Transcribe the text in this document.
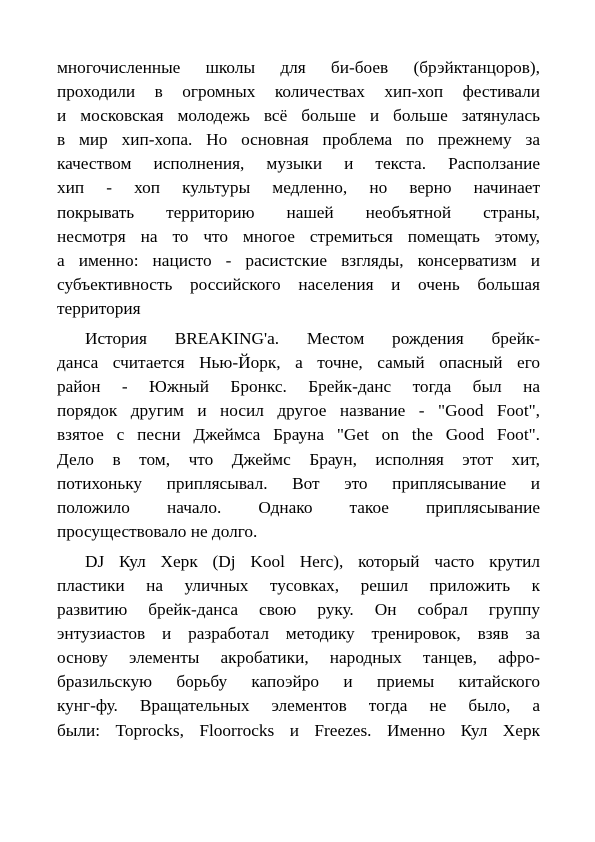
многочисленные школы для би-боев (брэйктанцоров),
проходили в огромных количествах хип-хоп фестивали
и московская молодежь всё больше и больше затянулась
в мир хип-хопа. Но основная проблема по прежнему за
качеством исполнения, музыки и текста. Расползание
хип - хоп культуры медленно, но верно начинает
покрывать территорию нашей необъятной страны,
несмотря на то что многое стремиться помещать этому,
а именно: нацисто - расистские взгляды, консерватизм и
субъективность российского населения и очень большая
территория

История BREAKING'a. Местом рождения брейк-
данса считается Нью-Йорк, а точне, самый опасный его
район - Южный Бронкс. Брейк-данс тогда был на
порядок другим и носил другое название - "Good Foot",
взятое с песни Джеймса Брауна "Get on the Good Foot".
Дело в том, что Джеймс Браун, исполняя этот хит,
потихоньку приплясывал. Вот это приплясывание и
положило начало. Однако такое приплясывание
просуществовало не долго.

DJ Кул Херк (Dj Kool Herc), который часто крутил
пластики на уличных тусовках, решил приложить к
развитию брейк-данса свою руку. Он собрал группу
энтузиастов и разработал методику тренировок, взяв за
основу элементы акробатики, народных танцев, афро-
бразильскую борьбу капоэйро и приемы китайского
кунг-фу. Вращательных элементов тогда не было, а
были: Toprocks, Floorrocks и Freezes. Именно Кул Херк
